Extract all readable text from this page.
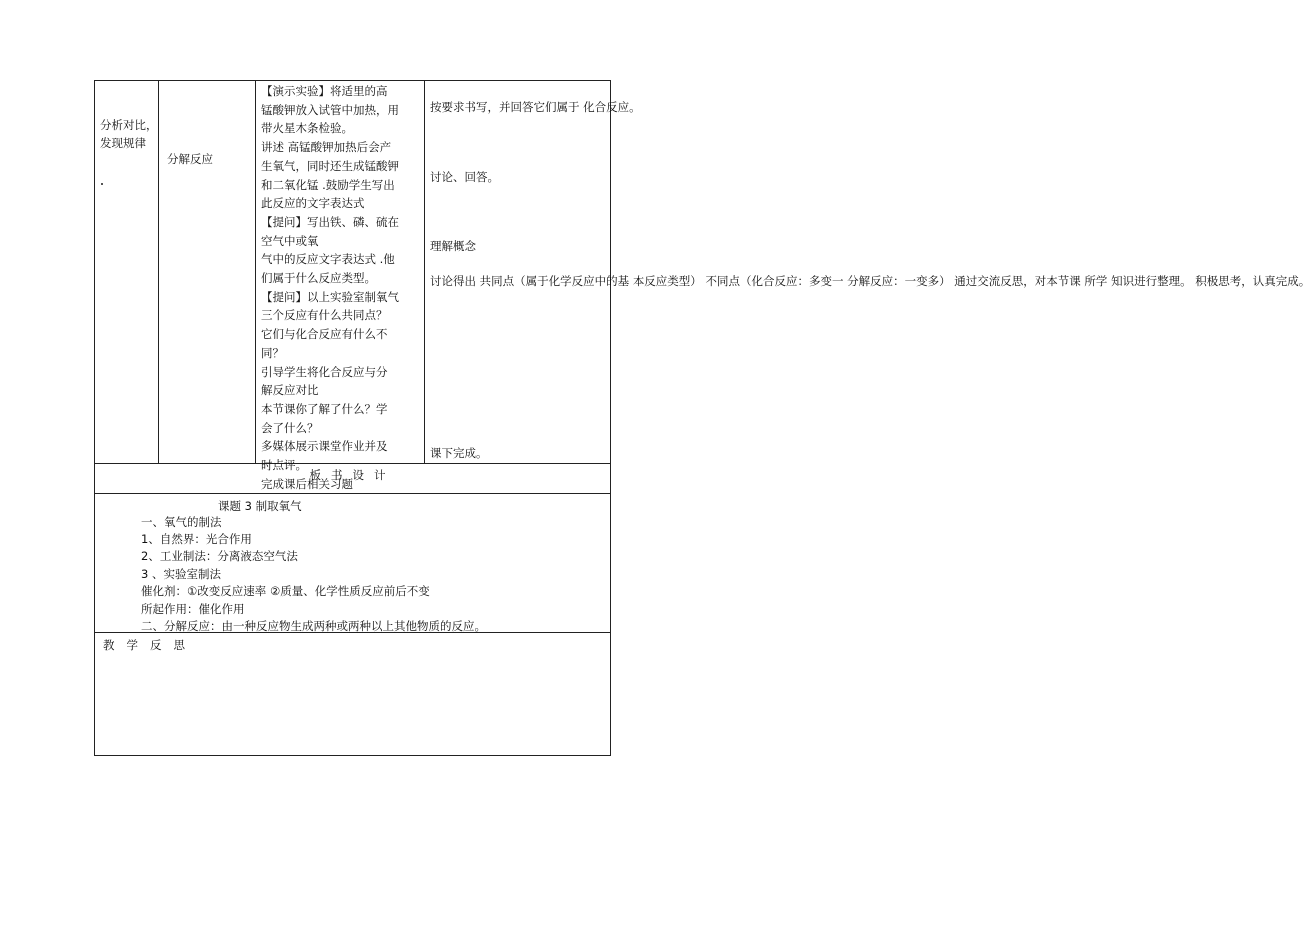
分析对比，
发现规律
分解反应
【演示实验】将适里的高
锰酸钾放入试管中加热，用
带火星木条检验。
讲述 高锰酸钾加热后会产
生氧气，同时还生成锰酸钾
和二氧化锰 .鼓励学生写出
此反应的文字表达式
【提问】写出铁、磷、硫在
空气中或氧
气中的反应文字表达式 .他
们属于什么反应类型。
【提问】以上实验室制氧气
三个反应有什么共同点？
它们与化合反应有什么不
同？
引导学生将化合反应与分
解反应对比
本节课你了解了什么？学
会了什么？
多媒体展示课堂作业并及
时点评。
完成课后相关习题
按要求书写，并回答它们属于 化合反应。
讨论、回答。
理解概念
讨论得出 共同点（属于化学反应中的基 本反应类型） 不同点（化合反应：多变一 分解反应：一变多） 通过交流反思，对本节课 所学 知识进行整理。 积极思考，认真完成。
课下完成。
板书设计
课题 3 制取氧气
一、氧气的制法
1、自然界：光合作用
2、工业制法：分离液态空气法
3 、实验室制法
催化剂：①改变反应速率 ②质量、化学性质反应前后不变
所起作用：催化作用
二、分解反应：由一种反应物生成两种或两种以上其他物质的反应。
教学反思
